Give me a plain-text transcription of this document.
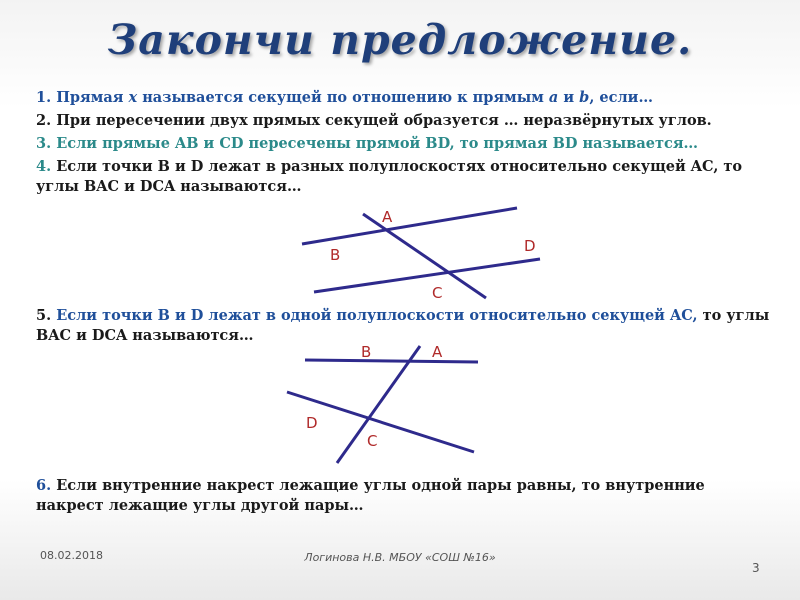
Закончи предложение.

1. Прямая x называется секущей по отношению к прямым a и b, если…

2. При пересечении двух прямых секущей образуется … неразвёрнутых углов.

3. Если прямые AB и CD пересечены прямой BD, то прямая BD называется…

4. Если точки B и D лежат в разных полуплоскостях относительно секущей AC, то углы BAC и DCA называются…

5. Если точки B и D лежат в одной полуплоскости относительно секущей AC, то углы BAC и DCA называются…

6. Если внутренние накрест лежащие углы одной пары равны, то внутренние накрест лежащие углы другой пары…

A
B
C
D
B	A
D
C
08.02.2018	Логинова Н.В. МБОУ «СОШ №16»
3
